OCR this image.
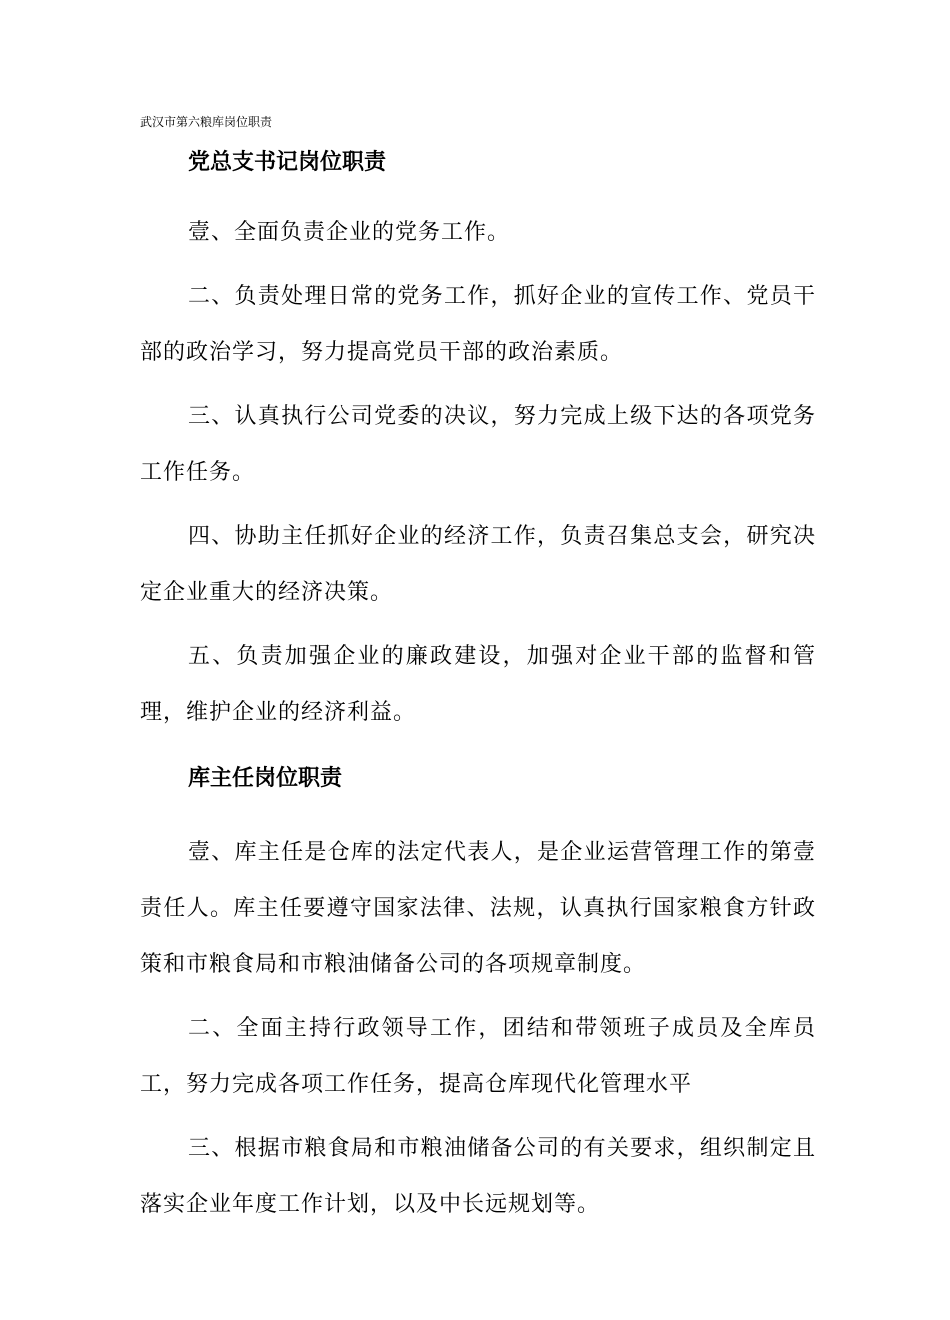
武汉市第六粮库岗位职责
党总支书记岗位职责

壹、全面负责企业的党务工作。

二、负责处理日常的党务工作，抓好企业的宣传工作、党员干部的政治学习，努力提高党员干部的政治素质。

三、认真执行公司党委的决议，努力完成上级下达的各项党务工作任务。

四、协助主任抓好企业的经济工作，负责召集总支会，研究决定企业重大的经济决策。

五、负责加强企业的廉政建设，加强对企业干部的监督和管理，维护企业的经济利益。

库主任岗位职责

壹、库主任是仓库的法定代表人，是企业运营管理工作的第壹责任人。库主任要遵守国家法律、法规，认真执行国家粮食方针政策和市粮食局和市粮油储备公司的各项规章制度。

二、全面主持行政领导工作，团结和带领班子成员及全库员工，努力完成各项工作任务，提高仓库现代化管理水平

三、根据市粮食局和市粮油储备公司的有关要求，组织制定且落实企业年度工作计划，以及中长远规划等。
